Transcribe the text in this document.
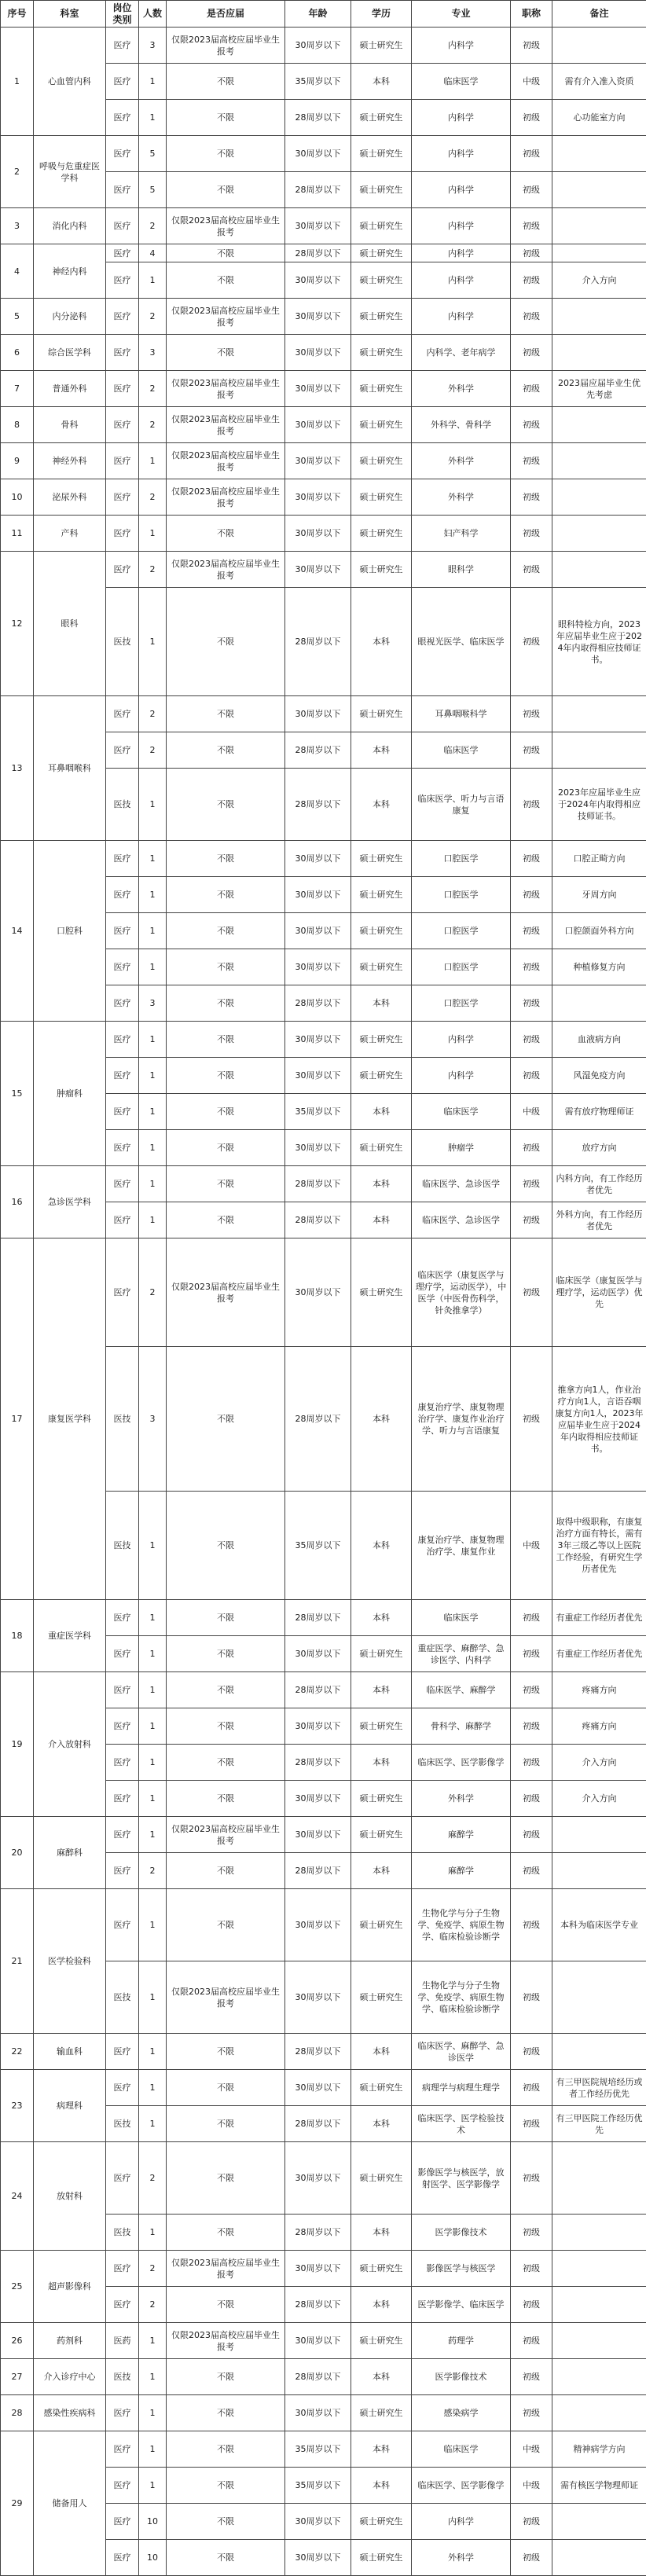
序号	科室	岗位类别	人数	是否应届	年龄	学历	专业	职称	备注
1	心血管内科	医疗	3	仅限2023届高校应届毕业生报考	30周岁以下	硕士研究生	内科学	初级	
		医疗	1	不限	35周岁以下	本科	临床医学	中级	需有介入准入资质
		医疗	1	不限	28周岁以下	硕士研究生	内科学	初级	心功能室方向
2	呼吸与危重症医学科	医疗	5	不限	30周岁以下	硕士研究生	内科学	初级	
		医疗	5	不限	28周岁以下	硕士研究生	内科学	初级	
3	消化内科	医疗	2	仅限2023届高校应届毕业生报考	30周岁以下	硕士研究生	内科学	初级	
4	神经内科	医疗	4	不限	28周岁以下	硕士研究生	内科学	初级	
		医疗	1	不限	30周岁以下	硕士研究生	内科学	初级	介入方向
5	内分泌科	医疗	2	仅限2023届高校应届毕业生报考	30周岁以下	硕士研究生	内科学	初级	
6	综合医学科	医疗	3	不限	30周岁以下	硕士研究生	内科学、老年病学	初级	
7	普通外科	医疗	2	仅限2023届高校应届毕业生报考	30周岁以下	硕士研究生	外科学	初级	2023届应届毕业生优先考虑
8	骨科	医疗	2	仅限2023届高校应届毕业生报考	30周岁以下	硕士研究生	外科学、骨科学	初级	
9	神经外科	医疗	1	仅限2023届高校应届毕业生报考	30周岁以下	硕士研究生	外科学	初级	
10	泌尿外科	医疗	2	仅限2023届高校应届毕业生报考	30周岁以下	硕士研究生	外科学	初级	
11	产科	医疗	1	不限	30周岁以下	硕士研究生	妇产科学	初级	
12	眼科	医疗	2	仅限2023届高校应届毕业生报考	30周岁以下	硕士研究生	眼科学	初级	
		医技	1	不限	28周岁以下	本科	眼视光医学、临床医学	初级	眼科特检方向，2023年应届毕业生应于2024年内取得相应技师证书。
13	耳鼻咽喉科	医疗	2	不限	30周岁以下	硕士研究生	耳鼻咽喉科学	初级	
		医疗	2	不限	28周岁以下	本科	临床医学	初级	
		医技	1	不限	28周岁以下	本科	临床医学、听力与言语康复	初级	2023年应届毕业生应于2024年内取得相应技师证书。
14	口腔科	医疗	1	不限	30周岁以下	硕士研究生	口腔医学	初级	口腔正畸方向
		医疗	1	不限	30周岁以下	硕士研究生	口腔医学	初级	牙周方向
		医疗	1	不限	30周岁以下	硕士研究生	口腔医学	初级	口腔颌面外科方向
		医疗	1	不限	30周岁以下	硕士研究生	口腔医学	初级	种植修复方向
		医疗	3	不限	28周岁以下	本科	口腔医学	初级	
15	肿瘤科	医疗	1	不限	30周岁以下	硕士研究生	内科学	初级	血液病方向
		医疗	1	不限	30周岁以下	硕士研究生	内科学	初级	风湿免疫方向
		医疗	1	不限	35周岁以下	本科	临床医学	中级	需有放疗物理师证
		医疗	1	不限	30周岁以下	硕士研究生	肿瘤学	初级	放疗方向
16	急诊医学科	医疗	1	不限	28周岁以下	本科	临床医学、急诊医学	初级	内科方向，有工作经历者优先
		医疗	1	不限	28周岁以下	本科	临床医学、急诊医学	初级	外科方向，有工作经历者优先
17	康复医学科	医疗	2	仅限2023届高校应届毕业生报考	30周岁以下	硕士研究生	临床医学（康复医学与理疗学，运动医学），中医学（中医骨伤科学，针灸推拿学）	初级	临床医学（康复医学与理疗学，运动医学）优先
		医技	3	不限	28周岁以下	本科	康复治疗学、康复物理治疗学、康复作业治疗学、听力与言语康复	初级	推拿方向1人，作业治疗方向1人，言语吞咽康复方向1人，2023年应届毕业生应于2024年内取得相应技师证书。
		医技	1	不限	35周岁以下	本科	康复治疗学、康复物理治疗学、康复作业	中级	取得中级职称，有康复治疗方面有特长，需有3年三级乙等以上医院工作经验，有研究生学历者优先
18	重症医学科	医疗	1	不限	28周岁以下	本科	临床医学	初级	有重症工作经历者优先
		医疗	1	不限	30周岁以下	硕士研究生	重症医学、麻醉学、急诊医学、内科学	初级	有重症工作经历者优先
19	介入放射科	医疗	1	不限	28周岁以下	本科	临床医学、麻醉学	初级	疼痛方向
		医疗	1	不限	30周岁以下	硕士研究生	骨科学、麻醉学	初级	疼痛方向
		医疗	1	不限	28周岁以下	本科	临床医学、医学影像学	初级	介入方向
		医疗	1	不限	30周岁以下	硕士研究生	外科学	初级	介入方向
20	麻醉科	医疗	1	仅限2023届高校应届毕业生报考	30周岁以下	硕士研究生	麻醉学	初级	
		医疗	2	不限	28周岁以下	本科	麻醉学	初级	
21	医学检验科	医疗	1	不限	30周岁以下	硕士研究生	生物化学与分子生物学、免疫学、病原生物学、临床检验诊断学	初级	本科为临床医学专业
		医技	1	仅限2023届高校应届毕业生报考	30周岁以下	硕士研究生	生物化学与分子生物学、免疫学、病原生物学、临床检验诊断学	初级	
22	输血科	医疗	1	不限	28周岁以下	本科	临床医学、麻醉学、急诊医学	初级	
23	病理科	医疗	1	不限	30周岁以下	硕士研究生	病理学与病理生理学	初级	有三甲医院规培经历或者工作经历优先
		医技	1	不限	28周岁以下	本科	临床医学、医学检验技术	初级	有三甲医院工作经历优先
24	放射科	医疗	2	不限	30周岁以下	硕士研究生	影像医学与核医学，放射医学、医学影像学	初级	
		医技	1	不限	28周岁以下	本科	医学影像技术	初级	
25	超声影像科	医疗	2	仅限2023届高校应届毕业生报考	30周岁以下	硕士研究生	影像医学与核医学	初级	
		医疗	2	不限	28周岁以下	本科	医学影像学、临床医学	初级	
26	药剂科	医药	1	仅限2023届高校应届毕业生报考	30周岁以下	硕士研究生	药理学	初级	
27	介入诊疗中心	医技	1	不限	28周岁以下	本科	医学影像技术	初级	
28	感染性疾病科	医疗	1	不限	30周岁以下	硕士研究生	感染病学	初级	
29	储备用人	医疗	1	不限	35周岁以下	本科	临床医学	中级	精神病学方向
		医疗	1	不限	35周岁以下	本科	临床医学、医学影像学	中级	需有核医学物理师证
		医疗	10	不限	30周岁以下	硕士研究生	内科学	初级	
		医疗	10	不限	30周岁以下	硕士研究生	外科学	初级	
